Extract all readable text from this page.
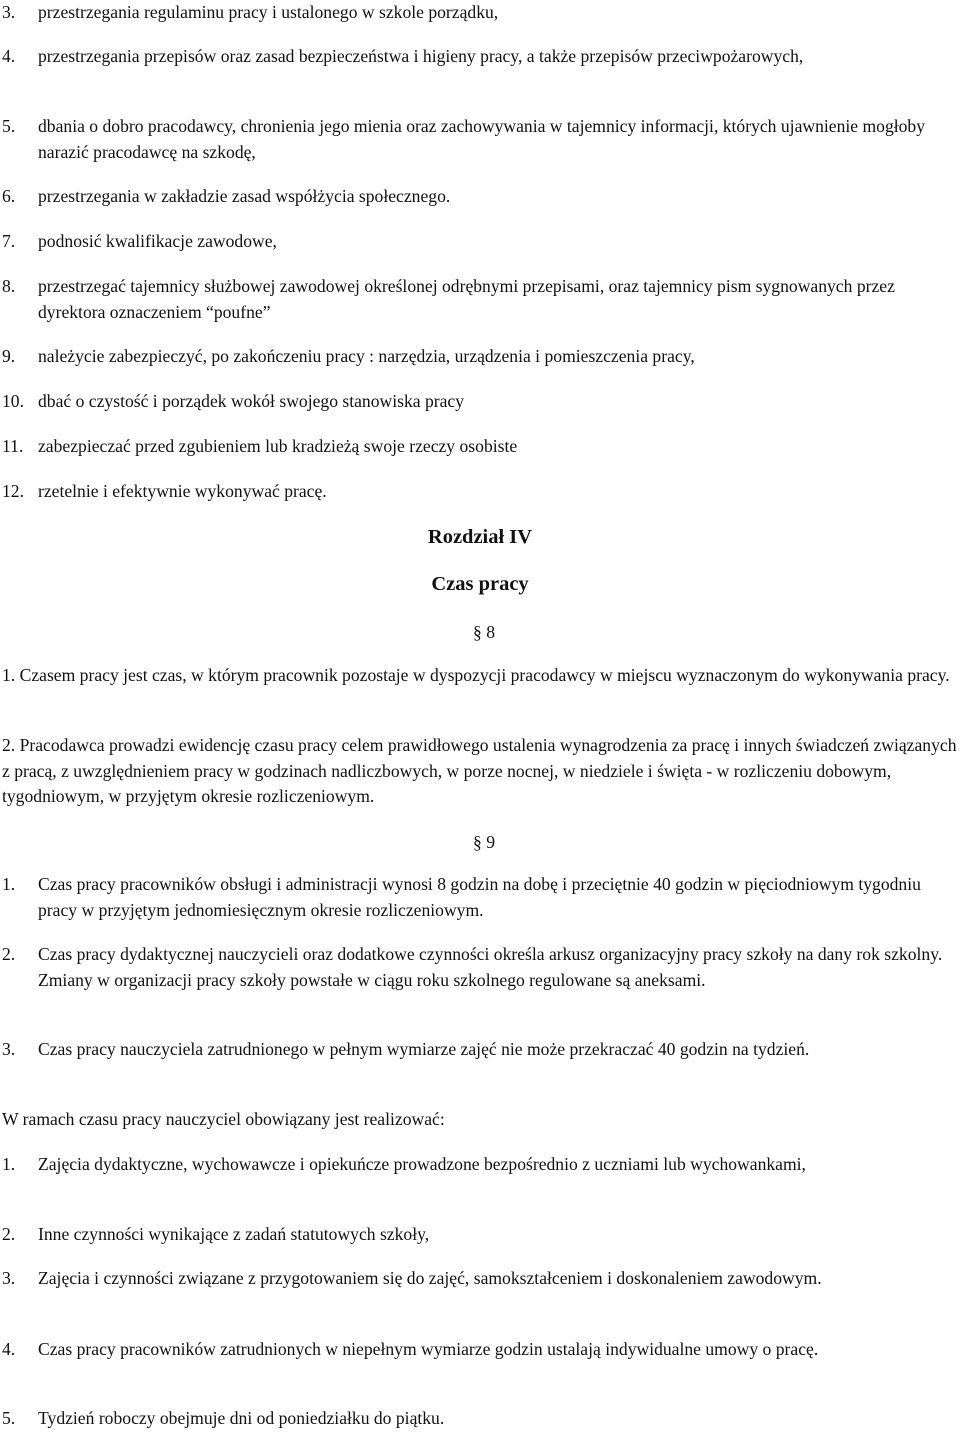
3. przestrzegania regulaminu pracy i ustalonego w szkole porządku,
4. przestrzegania przepisów oraz zasad bezpieczeństwa i higieny pracy, a także przepisów przeciwpożarowych,
5. dbania o dobro pracodawcy, chronienia jego mienia oraz zachowywania w tajemnicy informacji, których ujawnienie mogłoby narazić pracodawcę na szkodę,
6. przestrzegania w zakładzie zasad współżycia społecznego.
7. podnosić kwalifikacje zawodowe,
8. przestrzegać tajemnicy służbowej zawodowej określonej odrębnymi przepisami, oraz tajemnicy pism sygnowanych przez dyrektora oznaczeniem “poufne”
9. należycie zabezpieczyć, po zakończeniu pracy : narzędzia, urządzenia i pomieszczenia pracy,
10. dbać o czystość i porządek wokół swojego stanowiska pracy
11. zabezpieczać przed zgubieniem lub kradzieżą swoje rzeczy osobiste
12. rzetelnie i efektywnie wykonywać pracę.
Rozdział IV
Czas pracy
§ 8
1. Czasem pracy jest czas, w którym pracownik pozostaje w dyspozycji pracodawcy w miejscu wyznaczonym do wykonywania pracy.
2. Pracodawca prowadzi ewidencję czasu pracy celem prawidłowego ustalenia wynagrodzenia za pracę i innych świadczeń związanych z pracą, z uwzględnieniem pracy w godzinach nadliczbowych, w porze nocnej, w niedziele i święta - w rozliczeniu dobowym, tygodniowym, w przyjętym okresie rozliczeniowym.
§ 9
1. Czas pracy pracowników obsługi i administracji wynosi 8 godzin na dobę i przeciętnie 40 godzin w pięciodniowym tygodniu pracy w przyjętym jednomiesięcznym okresie rozliczeniowym.
2. Czas pracy dydaktycznej nauczycieli oraz dodatkowe czynności określa arkusz organizacyjny pracy szkoły na dany rok szkolny. Zmiany w organizacji pracy szkoły powstałe w ciągu roku szkolnego regulowane są aneksami.
3. Czas pracy nauczyciela zatrudnionego w pełnym wymiarze zajęć nie może przekraczać 40 godzin na tydzień.
W ramach czasu pracy nauczyciel obowiązany jest realizować:
1. Zajęcia dydaktyczne, wychowawcze i opiekuńcze prowadzone bezpośrednio z uczniami lub wychowankami,
2. Inne czynności wynikające z zadań statutowych szkoły,
3. Zajęcia i czynności związane z przygotowaniem się do zajęć, samokształceniem i doskonaleniem zawodowym.
4. Czas pracy pracowników zatrudnionych w niepełnym wymiarze godzin ustalają indywidualne umowy o pracę.
5. Tydzień roboczy obejmuje dni od poniedziałku do piątku.
